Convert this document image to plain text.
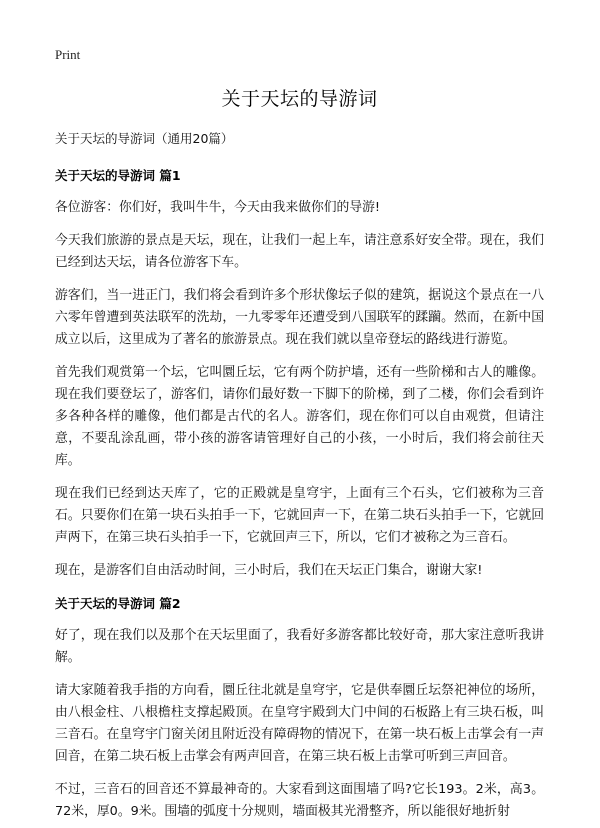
Print
关于天坛的导游词

关于天坛的导游词（通用20篇）

关于天坛的导游词 篇1

各位游客：你们好，我叫牛牛，今天由我来做你们的导游!

今天我们旅游的景点是天坛，现在，让我们一起上车，请注意系好安全带。现在，我们已经到达天坛，请各位游客下车。

游客们，当一进正门，我们将会看到许多个形状像坛子似的建筑，据说这个景点在一八六零年曾遭到英法联军的洗劫，一九零零年还遭受到八国联军的蹂躏。然而，在新中国成立以后，这里成为了著名的旅游景点。现在我们就以皇帝登坛的路线进行游览。

首先我们观赏第一个坛，它叫圜丘坛，它有两个防护墙，还有一些阶梯和古人的雕像。现在我们要登坛了，游客们，请你们最好数一下脚下的阶梯，到了二楼，你们会看到许多各种各样的雕像，他们都是古代的名人。游客们，现在你们可以自由观赏，但请注意，不要乱涂乱画，带小孩的游客请管理好自己的小孩，一小时后，我们将会前往天库。

现在我们已经到达天库了，它的正殿就是皇穹宇，上面有三个石头，它们被称为三音石。只要你们在第一块石头拍手一下，它就回声一下，在第二块石头拍手一下，它就回声两下，在第三块石头拍手一下，它就回声三下，所以，它们才被称之为三音石。

现在，是游客们自由活动时间，三小时后，我们在天坛正门集合，谢谢大家!

关于天坛的导游词 篇2

好了，现在我们以及那个在天坛里面了，我看好多游客都比较好奇，那大家注意听我讲解。

请大家随着我手指的方向看，圜丘往北就是皇穹宇，它是供奉圜丘坛祭祀神位的场所，由八根金柱、八根檐柱支撑起殿顶。在皇穹宇殿到大门中间的石板路上有三块石板，叫三音石。在皇穹宇门窗关闭且附近没有障碍物的情况下，在第一块石板上击掌会有一声回音，在第二块石板上击掌会有两声回音，在第三块石板上击掌可听到三声回音。

不过，三音石的回音还不算最神奇的。大家看到这面围墙了吗?它长193。2米，高3。72米，厚0。9米。围墙的弧度十分规则，墙面极其光滑整齐，所以能很好地折射
